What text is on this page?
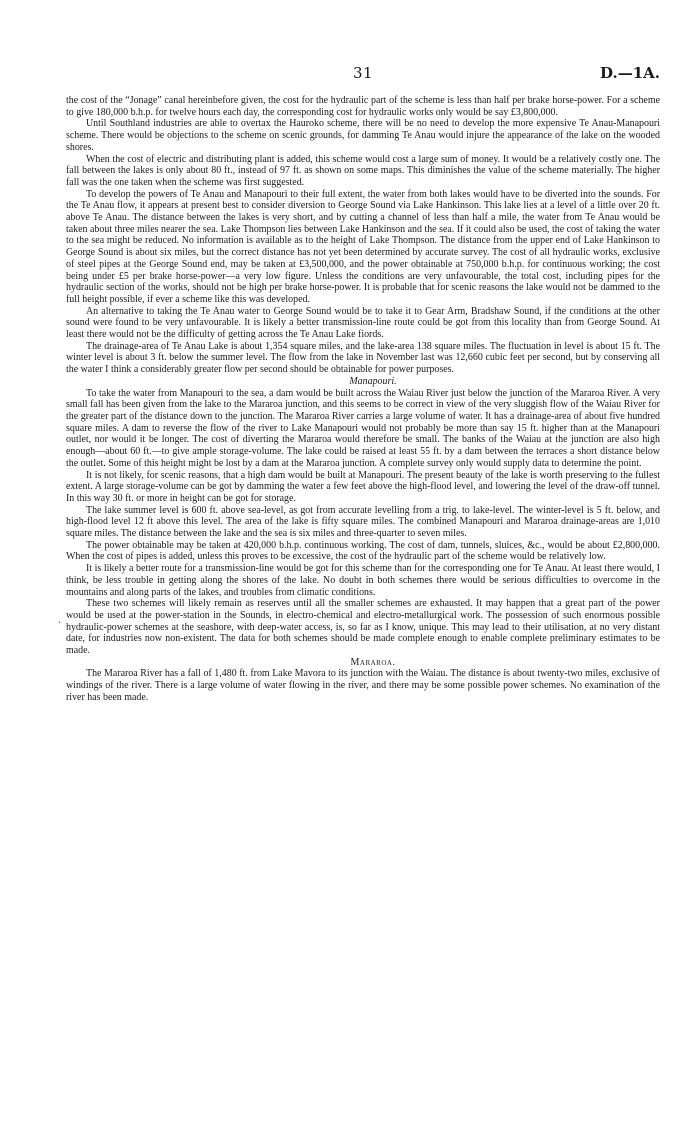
31	D.—1A.
·

the cost of the “Jonage” canal hereinbefore given, the cost for the hydraulic part of the scheme is less than half per brake horse-power. For a scheme to give 180,000 b.h.p. for twelve hours each day, the corresponding cost for hydraulic works only would be say £3,800,000.

Until Southland industries are able to overtax the Hauroko scheme, there will be no need to develop the more expensive Te Anau-Manapouri scheme. There would be objections to the scheme on scenic grounds, for damming Te Anau would injure the appearance of the lake on the wooded shores.

When the cost of electric and distributing plant is added, this scheme would cost a large sum of money. It would be a relatively costly one. The fall between the lakes is only about 80 ft., instead of 97 ft. as shown on some maps. This diminishes the value of the scheme materially. The higher fall was the one taken when the scheme was first suggested.

To develop the powers of Te Anau and Manapouri to their full extent, the water from both lakes would have to be diverted into the sounds. For the Te Anau flow, it appears at present best to consider diversion to George Sound via Lake Hankinson. This lake lies at a level of a little over 20 ft. above Te Anau. The distance between the lakes is very short, and by cutting a channel of less than half a mile, the water from Te Anau would be taken about three miles nearer the sea. Lake Thompson lies between Lake Hankinson and the sea. If it could also be used, the cost of taking the water to the sea might be reduced. No information is available as to the height of Lake Thompson. The distance from the upper end of Lake Hankinson to George Sound is about six miles, but the correct distance has not yet been determined by accurate survey. The cost of all hydraulic works, exclusive of steel pipes at the George Sound end, may be taken at £3,500,000, and the power obtainable at 750,000 b.h.p. for continuous working; the cost being under £5 per brake horse-power—a very low figure. Unless the conditions are very unfavourable, the total cost, including pipes for the hydraulic section of the works, should not be high per brake horse-power. It is probable that for scenic reasons the lake would not be dammed to the full height possible, if ever a scheme like this was developed.

An alternative to taking the Te Anau water to George Sound would be to take it to Gear Arm, Bradshaw Sound, if the conditions at the other sound were found to be very unfavourable. It is likely a better transmission-line route could be got from this locality than from George Sound. At least there would not be the difficulty of getting across the Te Anau Lake fiords.

The drainage-area of Te Anau Lake is about 1,354 square miles, and the lake-area 138 square miles. The fluctuation in level is about 15 ft. The winter level is about 3 ft. below the summer level. The flow from the lake in November last was 12,660 cubic feet per second, but by conserving all the water I think a considerably greater flow per second should be obtainable for power purposes.

Manapouri.

To take the water from Manapouri to the sea, a dam would be built across the Waiau River just below the junction of the Mararoa River. A very small fall has been given from the lake to the Mararoa junction, and this seems to be correct in view of the very sluggish flow of the Waiau River for the greater part of the distance down to the junction. The Mararoa River carries a large volume of water. It has a drainage-area of about five hundred square miles. A dam to reverse the flow of the river to Lake Manapouri would not probably be more than say 15 ft. higher than at the Manapouri outlet, nor would it be longer. The cost of diverting the Mararoa would therefore be small. The banks of the Waiau at the junction are also high enough—about 60 ft.—to give ample storage-volume. The lake could be raised at least 55 ft. by a dam between the terraces a short distance below the outlet. Some of this height might be lost by a dam at the Mararoa junction. A complete survey only would supply data to determine the point.

It is not likely, for scenic reasons, that a high dam would be built at Manapouri. The present beauty of the lake is worth preserving to the fullest extent. A large storage-volume can be got by damming the water a few feet above the high-flood level, and lowering the level of the draw-off tunnel. In this way 30 ft. or more in height can be got for storage.

The lake summer level is 600 ft. above sea-level, as got from accurate levelling from a trig. to lake-level. The winter-level is 5 ft. below, and high-flood level 12 ft above this level. The area of the lake is fifty square miles. The combined Manapouri and Mararoa drainage-areas are 1,010 square miles. The distance between the lake and the sea is six miles and three-quarter to seven miles.

The power obtainable may be taken at 420,000 b.h.p. continuous working. The cost of dam, tunnels, sluices, &c., would be about £2,800,000. When the cost of pipes is added, unless this proves to be excessive, the cost of the hydraulic part of the scheme would be relatively low.

It is likely a better route for a transmission-line would be got for this scheme than for the corresponding one for Te Anau. At least there would, I think, be less trouble in getting along the shores of the lake. No doubt in both schemes there would be serious difficulties to overcome in the mountains and along parts of the lakes, and troubles from climatic conditions.

These two schemes will likely remain as reserves until all the smaller schemes are exhausted. It may happen that a great part of the power would be used at the power-station in the Sounds, in electro-chemical and electro-metallurgical work. The possession of such enormous possible hydraulic-power schemes at the seashore, with deep-water access, is, so far as I know, unique. This may lead to their utilisation, at no very distant date, for industries now non-existent. The data for both schemes should be made complete enough to enable complete preliminary estimates to be made.

Mararoa.

The Mararoa River has a fall of 1,480 ft. from Lake Mavora to its junction with the Waiau. The distance is about twenty-two miles, exclusive of windings of the river. There is a large volume of water flowing in the river, and there may be some possible power schemes. No examination of the river has been made.
